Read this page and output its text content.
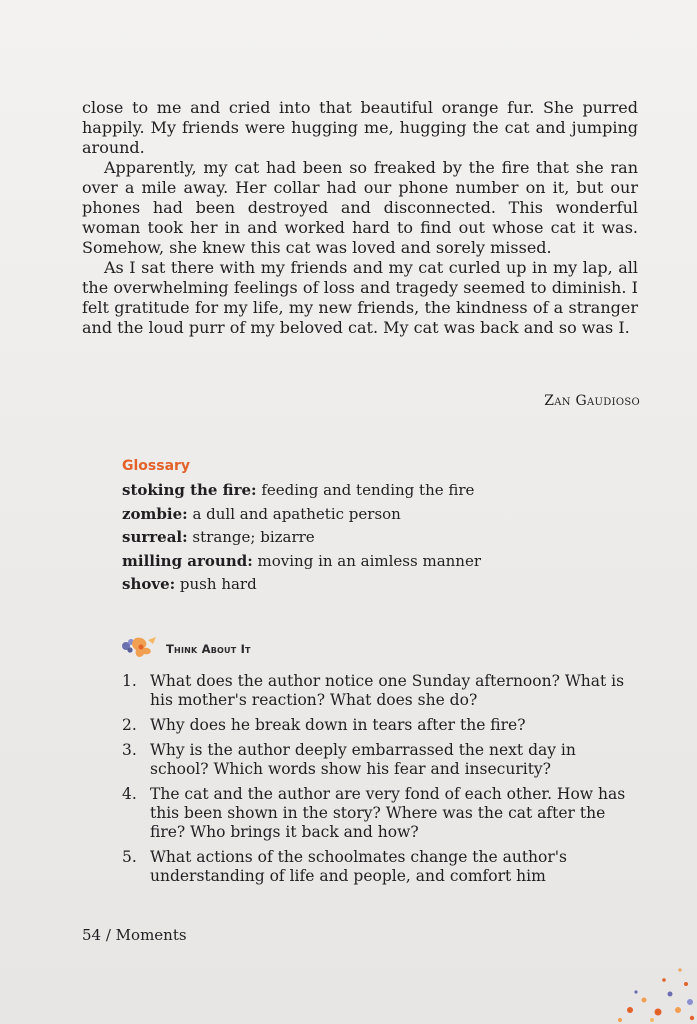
close to me and cried into that beautiful orange fur. She purred happily. My friends were hugging me, hugging the cat and jumping around.

Apparently, my cat had been so freaked by the fire that she ran over a mile away. Her collar had our phone number on it, but our phones had been destroyed and disconnected. This wonderful woman took her in and worked hard to find out whose cat it was. Somehow, she knew this cat was loved and sorely missed.

As I sat there with my friends and my cat curled up in my lap, all the overwhelming feelings of loss and tragedy seemed to diminish. I felt gratitude for my life, my new friends, the kindness of a stranger and the loud purr of my beloved cat. My cat was back and so was I.

Zan Gaudioso
Glossary
stoking the fire: feeding and tending the fire
zombie: a dull and apathetic person
surreal: strange; bizarre
milling around: moving in an aimless manner
shove: push hard
Think About It
1. What does the author notice one Sunday afternoon? What is his mother's reaction? What does she do?
2. Why does he break down in tears after the fire?
3. Why is the author deeply embarrassed the next day in school? Which words show his fear and insecurity?
4. The cat and the author are very fond of each other. How has this been shown in the story? Where was the cat after the fire? Who brings it back and how?
5. What actions of the schoolmates change the author's understanding of life and people, and comfort him
54 / Moments
